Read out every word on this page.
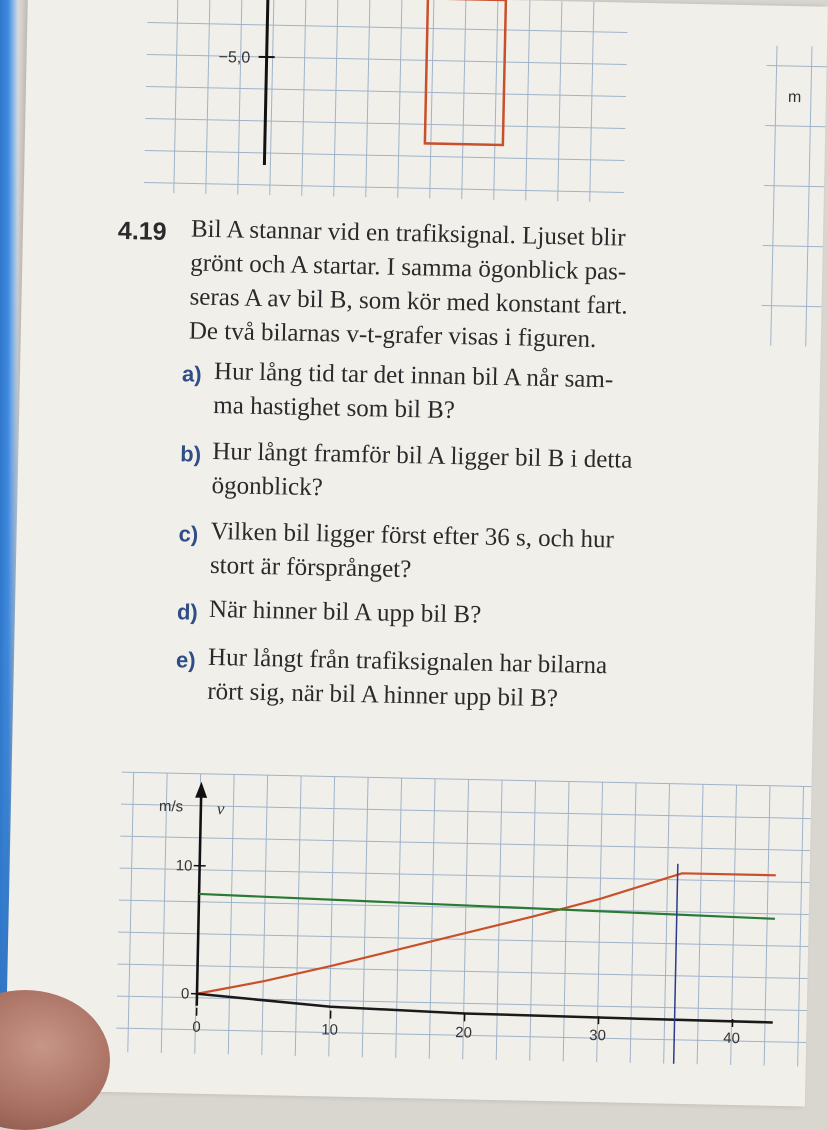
−5,0
m
4.19 Bil A stannar vid en trafiksignal. Ljuset blir
grönt och A startar. I samma ögonblick pas-
seras A av bil B, som kör med konstant fart.
De två bilarnas v-t-grafer visas i figuren.
a) Hur lång tid tar det innan bil A når sam-
ma hastighet som bil B?
b) Hur långt framför bil A ligger bil B i detta
ögonblick?
c) Vilken bil ligger först efter 36 s, och hur
stort är försprånget?
d) När hinner bil A upp bil B?
e) Hur långt från trafiksignalen har bilarna
rört sig, när bil A hinner upp bil B?
m/s v
0	10	20	30	40
0
10
